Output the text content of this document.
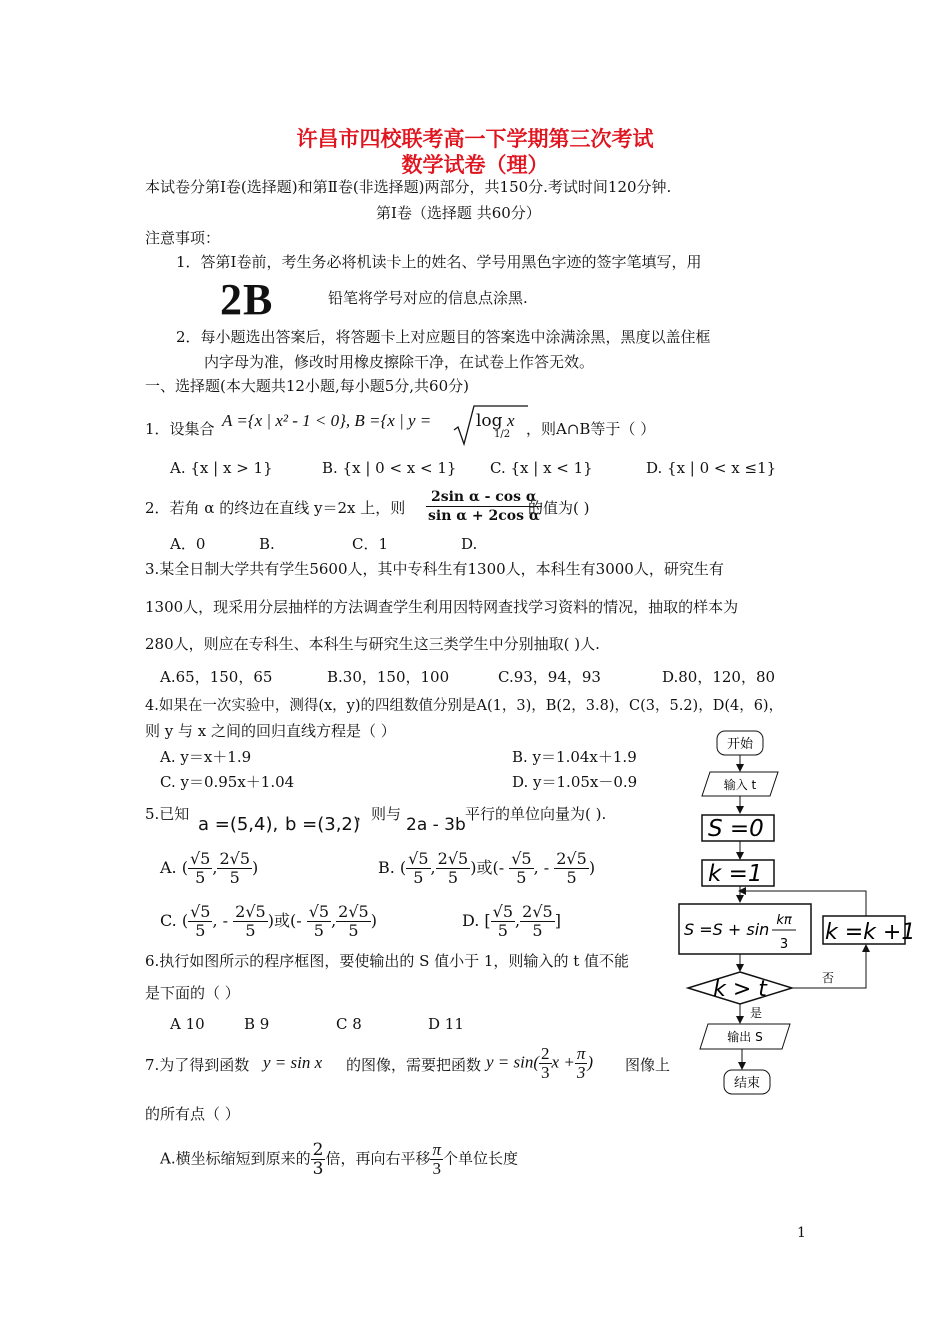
许昌市四校联考高一下学期第三次考试
数学试卷（理）
本试卷分第Ⅰ卷(选择题)和第Ⅱ卷(非选择题)两部分，共150分.考试时间120分钟.
第Ⅰ卷（选择题 共60分）
注意事项：
1．答第Ⅰ卷前，考生务必将机读卡上的姓名、学号用黑色字迹的签字笔填写，用
2B	铅笔将学号对应的信息点涂黑.
2．每小题选出答案后，将答题卡上对应题目的答案选中涂满涂黑，黑度以盖住框
内字母为准，修改时用橡皮擦除干净，在试卷上作答无效。
一、选择题(本大题共12小题,每小题5分,共60分)
1．设集合 A ={x | x² - 1 < 0}, B ={x | y =	log
1/2
x ，则A∩B等于（ ）
A. {x | x > 1}	B. {x | 0 < x < 1} C. {x | x < 1}	D. {x | 0 < x ≤1}
2．若角 α 的终边在直线 y＝2x 上，则 $\frac{\text{2sin α - cos α}}{\text{sin α + 2cos α}}$
的值为( )
A．0	B.	C．1	D.
3.某全日制大学共有学生5600人，其中专科生有1300人，本科生有3000人，研究生有
1300人，现采用分层抽样的方法调查学生利用因特网查找学习资料的情况，抽取的样本为
280人，则应在专科生、本科生与研究生这三类学生中分别抽取( )人.
A.65，150，65	B.30，150，100	C.93，94，93	D.80，120，80
4.如果在一次实验中，测得(x，y)的四组数值分别是A(1，3)，B(2，3.8)，C(3，5.2)，D(4，6)，
则 y 与 x 之间的回归直线方程是（ ）
A. y＝x＋1.9	B. y＝1.04x＋1.9
C. y＝0.95x＋1.04	D. y＝1.05x－0.9
5.已知 a =(5,4), b =(3,2)
，则与
2a - 3b
平行的单位向量为( ).
A. ( $\frac{√5}{5}$ , $\frac{2√5}{5}$ )	B. ( $\frac{√5}{5}$ , $\frac{2√5}{5}$ )或(- $\frac{√5}{5}$ , - $\frac{2√5}{5}$ )
C. ( $\frac{√5}{5}$ , - $\frac{2√5}{5}$ )或(- $\frac{√5}{5}$ , $\frac{2√5}{5}$ )	D. [ $\frac{√5}{5}$ , $\frac{2√5}{5}$ ]
6.执行如图所示的程序框图，要使输出的 S 值小于 1，则输入的 t 值不能
是下面的（ ）
A 10	B 9	C 8	D 11
7.为了得到函数 y = sin x 的图像，需要把函数 $y = \sin( \frac{2}{3}$ $x + \frac{\pi}{3}$ ) 图像上
的所有点（ ）
A.横坐标缩短到原来的 $\frac{2}{3}$ 倍，再向右平移 $\frac{\pi}{3}$ 个单位长度
开始
输入 t
S =0
k =1
S =S + sin kπ
3 k =k +1
k > t	否
是
输出 S
结束
1
